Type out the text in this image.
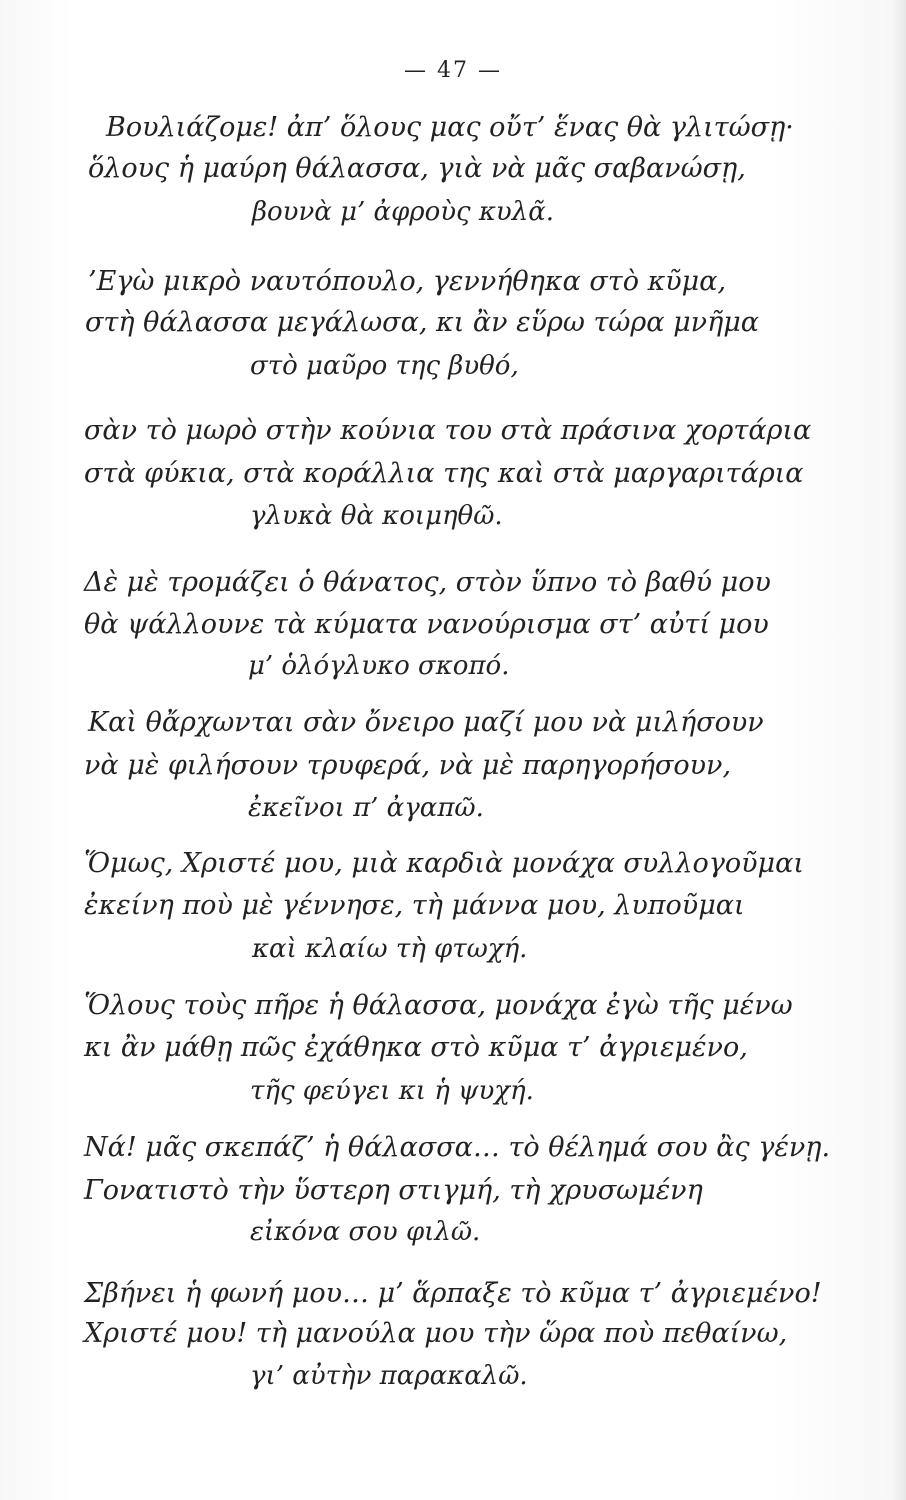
— 47 —
Βουλιάζομε! ἀπ’ ὅλους μας οὔτ’ ἕνας θὰ γλιτώσῃ·
ὅλους ἡ μαύρη θάλασσα, γιὰ νὰ μᾶς σαβανώσῃ,
βουνὰ μ’ ἀφροὺς κυλᾶ.
’Εγὼ μικρὸ ναυτόπουλο, γεννήθηκα στὸ κῦμα,
στὴ θάλασσα μεγάλωσα, κι ἂν εὕρω τώρα μνῆμα
στὸ μαῦρο της βυθό,
σὰν τὸ μωρὸ στὴν κούνια του στὰ πράσινα χορτάρια
στὰ φύκια, στὰ κοράλλια της καὶ στὰ μαργαριτάρια
γλυκὰ θὰ κοιμηθῶ.
Δὲ μὲ τρομάζει ὁ θάνατος, στὸν ὕπνο τὸ βαθύ μου
θὰ ψάλλουνε τὰ κύματα νανούρισμα στ’ αὐτί μου
μ’ ὁλόγλυκο σκοπό.
Καὶ θἄρχωνται σὰν ὄνειρο μαζί μου νὰ μιλήσουν
νὰ μὲ φιλήσουν τρυφερά, νὰ μὲ παρηγορήσουν,
ἐκεῖνοι π’ ἀγαπῶ.
Ὅμως, Χριστέ μου, μιὰ καρδιὰ μονάχα συλλογοῦμαι
ἐκείνη ποὺ μὲ γέννησε, τὴ μάννα μου, λυποῦμαι
καὶ κλαίω τὴ φτωχή.
Ὅλους τοὺς πῆρε ἡ θάλασσα, μονάχα ἐγὼ τῆς μένω
κι ἂν μάθῃ πῶς ἐχάθηκα στὸ κῦμα τ’ ἀγριεμένο,
τῆς φεύγει κι ἡ ψυχή.
Νά! μᾶς σκεπάζ’ ἡ θάλασσα… τὸ θέλημά σου ἂς γένῃ.
Γονατιστὸ τὴν ὕστερη στιγμή, τὴ χρυσωμένη
εἰκόνα σου φιλῶ.
Σβήνει ἡ φωνή μου… μ’ ἅρπαξε τὸ κῦμα τ’ ἀγριεμένο!
Χριστέ μου! τὴ μανούλα μου τὴν ὥρα ποὺ πεθαίνω,
γι’ αὐτὴν παρακαλῶ.
